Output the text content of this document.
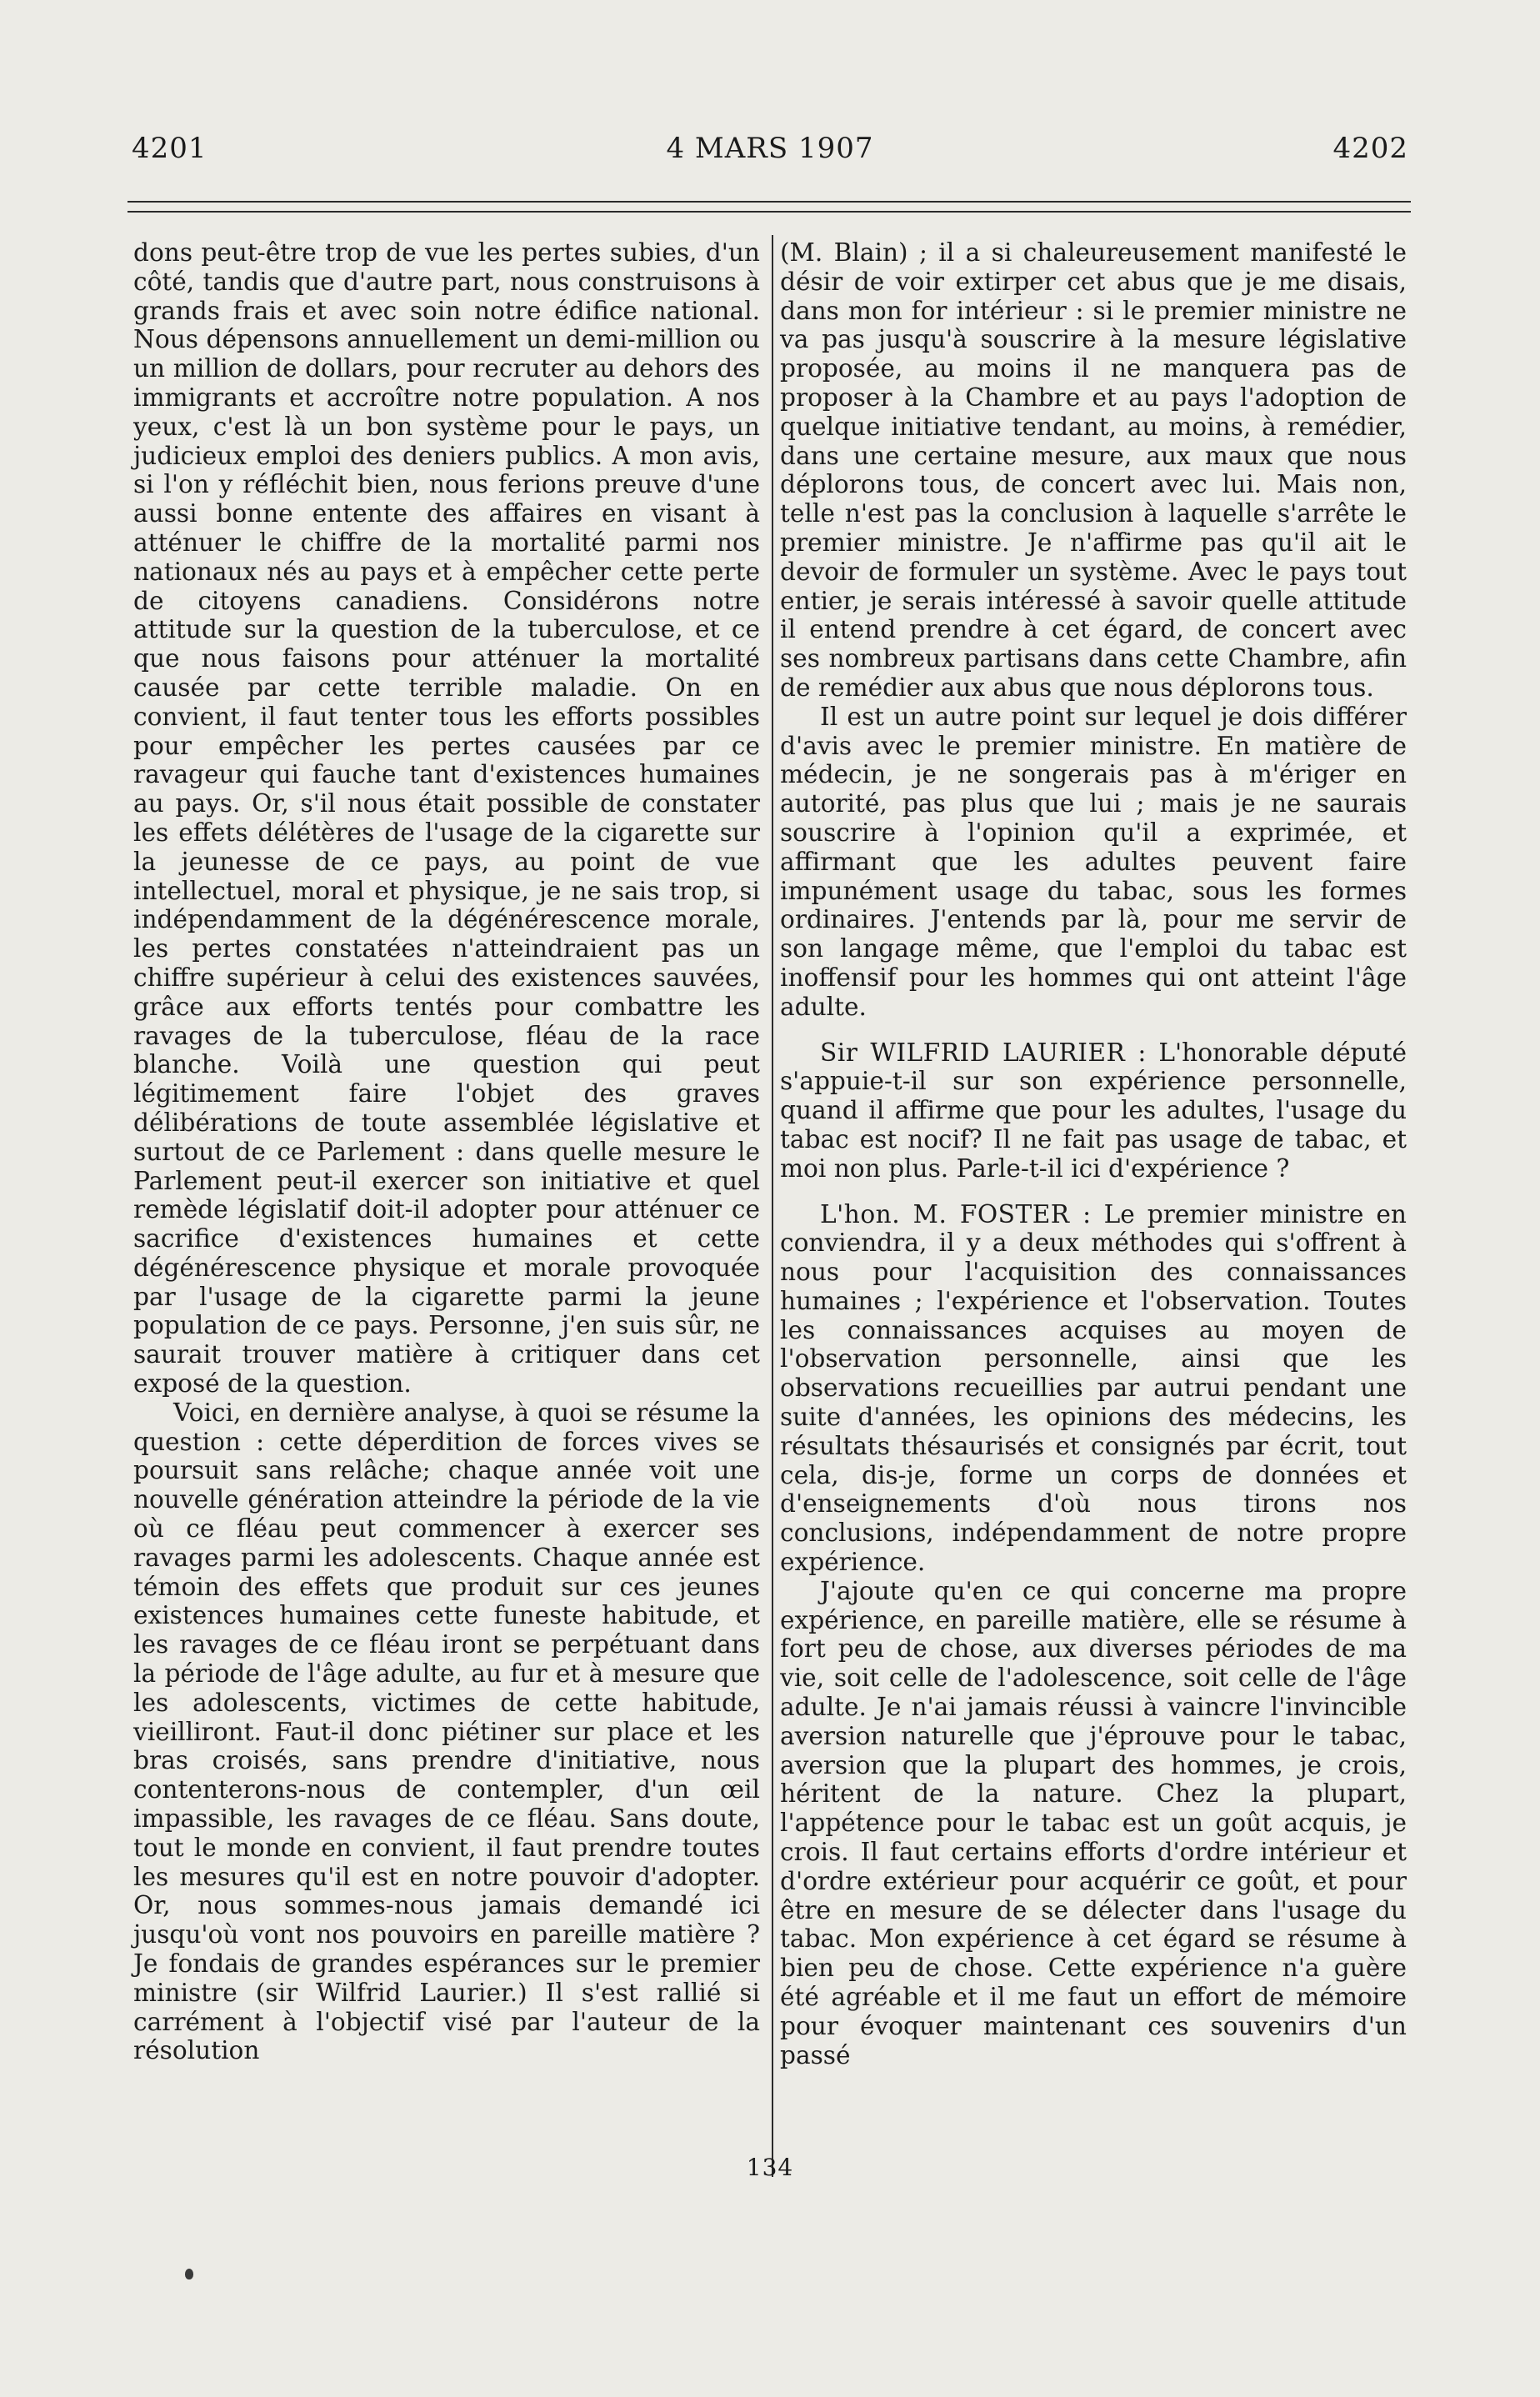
4201	4 MARS 1907	4202

dons peut-être trop de vue les pertes subies, d'un côté, tandis que d'autre part, nous construisons à grands frais et avec soin notre édifice national. Nous dépensons annuellement un demi-million ou un million de dollars, pour recruter au dehors des immigrants et accroître notre population. A nos yeux, c'est là un bon système pour le pays, un judicieux emploi des deniers publics. A mon avis, si l'on y réfléchit bien, nous ferions preuve d'une aussi bonne entente des affaires en visant à atténuer le chiffre de la mortalité parmi nos nationaux nés au pays et à empêcher cette perte de citoyens canadiens. Considérons notre attitude sur la question de la tuberculose, et ce que nous faisons pour atténuer la mortalité causée par cette terrible maladie. On en convient, il faut tenter tous les efforts possibles pour empêcher les pertes causées par ce ravageur qui fauche tant d'existences humaines au pays. Or, s'il nous était possible de constater les effets délétères de l'usage de la cigarette sur la jeunesse de ce pays, au point de vue intellectuel, moral et physique, je ne sais trop, si indépendamment de la dégénérescence morale, les pertes constatées n'atteindraient pas un chiffre supérieur à celui des existences sauvées, grâce aux efforts tentés pour combattre les ravages de la tuberculose, fléau de la race blanche. Voilà une question qui peut légitimement faire l'objet des graves délibérations de toute assemblée législative et surtout de ce Parlement : dans quelle mesure le Parlement peut-il exercer son initiative et quel remède législatif doit-il adopter pour atténuer ce sacrifice d'existences humaines et cette dégénérescence physique et morale provoquée par l'usage de la cigarette parmi la jeune population de ce pays. Personne, j'en suis sûr, ne saurait trouver matière à critiquer dans cet exposé de la question.

Voici, en dernière analyse, à quoi se résume la question : cette déperdition de forces vives se poursuit sans relâche; chaque année voit une nouvelle génération atteindre la période de la vie où ce fléau peut commencer à exercer ses ravages parmi les adolescents. Chaque année est témoin des effets que produit sur ces jeunes existences humaines cette funeste habitude, et les ravages de ce fléau iront se perpétuant dans la période de l'âge adulte, au fur et à mesure que les adolescents, victimes de cette habitude, vieilliront. Faut-il donc piétiner sur place et les bras croisés, sans prendre d'initiative, nous contenterons-nous de contempler, d'un œil impassible, les ravages de ce fléau. Sans doute, tout le monde en convient, il faut prendre toutes les mesures qu'il est en notre pouvoir d'adopter. Or, nous sommes-nous jamais demandé ici jusqu'où vont nos pouvoirs en pareille matière ? Je fondais de grandes espérances sur le premier ministre (sir Wilfrid Laurier.) Il s'est rallié si carrément à l'objectif visé par l'auteur de la résolution

(M. Blain) ; il a si chaleureusement manifesté le désir de voir extirper cet abus que je me disais, dans mon for intérieur : si le premier ministre ne va pas jusqu'à souscrire à la mesure législative proposée, au moins il ne manquera pas de proposer à la Chambre et au pays l'adoption de quelque initiative tendant, au moins, à remédier, dans une certaine mesure, aux maux que nous déplorons tous, de concert avec lui. Mais non, telle n'est pas la conclusion à laquelle s'arrête le premier ministre. Je n'affirme pas qu'il ait le devoir de formuler un système. Avec le pays tout entier, je serais intéressé à savoir quelle attitude il entend prendre à cet égard, de concert avec ses nombreux partisans dans cette Chambre, afin de remédier aux abus que nous déplorons tous.

Il est un autre point sur lequel je dois différer d'avis avec le premier ministre. En matière de médecin, je ne songerais pas à m'ériger en autorité, pas plus que lui ; mais je ne saurais souscrire à l'opinion qu'il a exprimée, et affirmant que les adultes peuvent faire impunément usage du tabac, sous les formes ordinaires. J'entends par là, pour me servir de son langage même, que l'emploi du tabac est inoffensif pour les hommes qui ont atteint l'âge adulte.

Sir WILFRID LAURIER : L'honorable député s'appuie-t-il sur son expérience personnelle, quand il affirme que pour les adultes, l'usage du tabac est nocif? Il ne fait pas usage de tabac, et moi non plus. Parle-t-il ici d'expérience ?

L'hon. M. FOSTER : Le premier ministre en conviendra, il y a deux méthodes qui s'offrent à nous pour l'acquisition des connaissances humaines ; l'expérience et l'observation. Toutes les connaissances acquises au moyen de l'observation personnelle, ainsi que les observations recueillies par autrui pendant une suite d'années, les opinions des médecins, les résultats thésaurisés et consignés par écrit, tout cela, dis-je, forme un corps de données et d'enseignements d'où nous tirons nos conclusions, indépendamment de notre propre expérience.

J'ajoute qu'en ce qui concerne ma propre expérience, en pareille matière, elle se résume à fort peu de chose, aux diverses périodes de ma vie, soit celle de l'adolescence, soit celle de l'âge adulte. Je n'ai jamais réussi à vaincre l'invincible aversion naturelle que j'éprouve pour le tabac, aversion que la plupart des hommes, je crois, héritent de la nature. Chez la plupart, l'appétence pour le tabac est un goût acquis, je crois. Il faut certains efforts d'ordre intérieur et d'ordre extérieur pour acquérir ce goût, et pour être en mesure de se délecter dans l'usage du tabac. Mon expérience à cet égard se résume à bien peu de chose. Cette expérience n'a guère été agréable et il me faut un effort de mémoire pour évoquer maintenant ces souvenirs d'un passé

134
